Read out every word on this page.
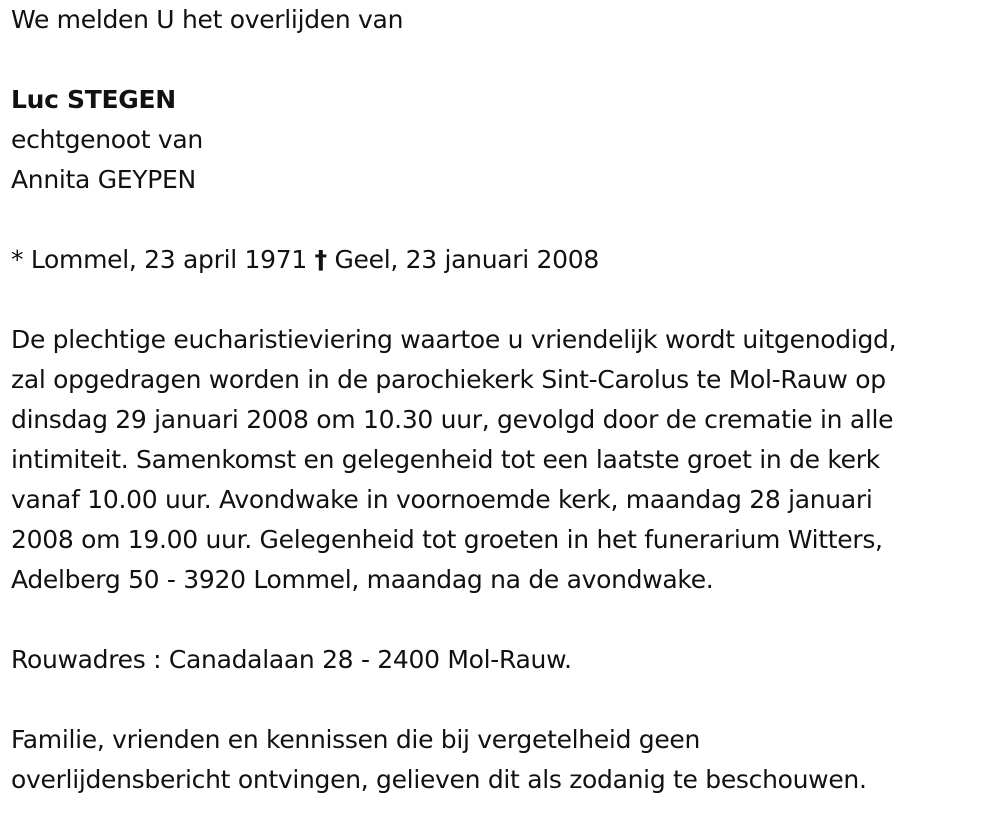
We melden U het overlijden van
Luc STEGEN
echtgenoot van
Annita GEYPEN
* Lommel, 23 april 1971 † Geel, 23 januari 2008
De plechtige eucharistieviering waartoe u vriendelijk wordt uitgenodigd,
zal opgedragen worden in de parochiekerk Sint-Carolus te Mol-Rauw op
dinsdag 29 januari 2008 om 10.30 uur, gevolgd door de crematie in alle
intimiteit. Samenkomst en gelegenheid tot een laatste groet in de kerk
vanaf 10.00 uur. Avondwake in voornoemde kerk, maandag 28 januari
2008 om 19.00 uur. Gelegenheid tot groeten in het funerarium Witters,
Adelberg 50 - 3920 Lommel, maandag na de avondwake.
Rouwadres : Canadalaan 28 - 2400 Mol-Rauw.
Familie, vrienden en kennissen die bij vergetelheid geen
overlijdensbericht ontvingen, gelieven dit als zodanig te beschouwen.
